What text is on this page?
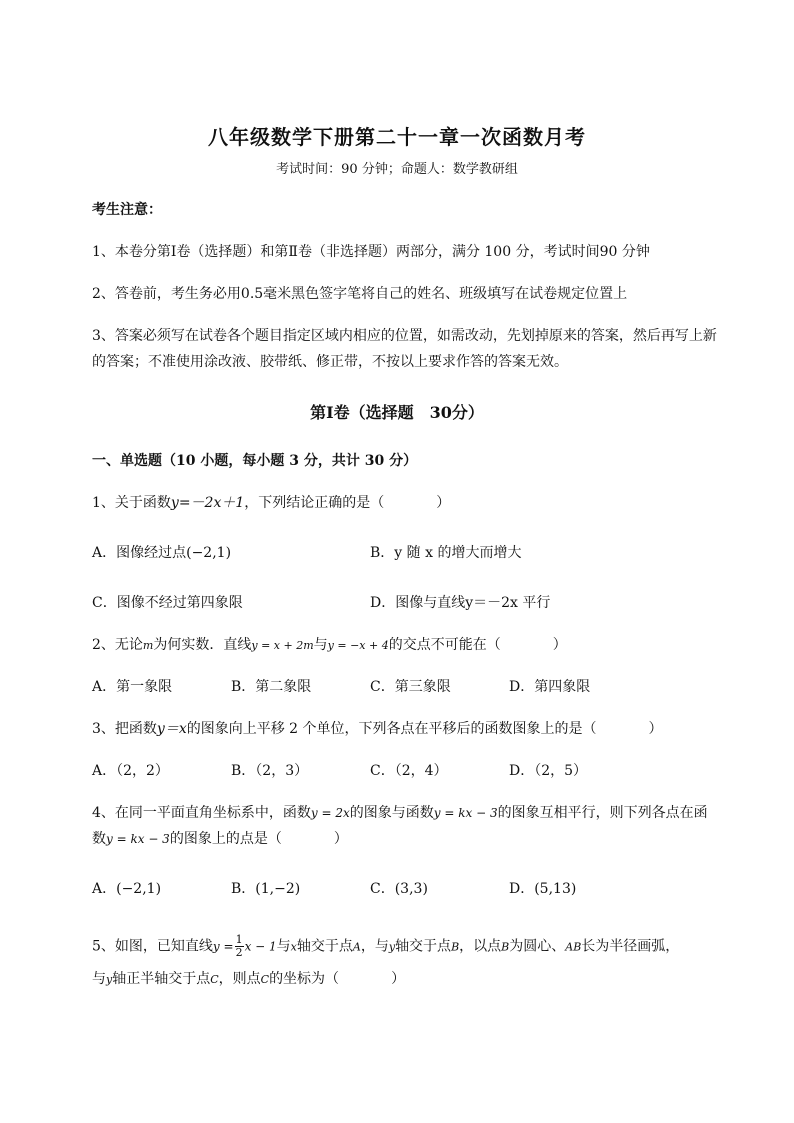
八年级数学下册第二十一章一次函数月考
考试时间：90 分钟；命题人：数学教研组
考生注意：
1、本卷分第Ⅰ卷（选择题）和第Ⅱ卷（非选择题）两部分，满分 100 分，考试时间90 分钟
2、答卷前，考生务必用0.5毫米黑色签字笔将自己的姓名、班级填写在试卷规定位置上
3、答案必须写在试卷各个题目指定区域内相应的位置，如需改动，先划掉原来的答案，然后再写上新
的答案；不准使用涂改液、胶带纸、修正带，不按以上要求作答的答案无效。
第Ⅰ卷（选择题　30分）
一、单选题（10 小题，每小题 3 分，共计 30 分）
1、关于函数y=－2x＋1，下列结论正确的是（	）
A．图像经过点(−2,1)	B．y 随 x 的增大而增大
C．图像不经过第四象限	D．图像与直线y＝－2x 平行
2、无论m为何实数．直线y = x + 2m与y = −x + 4的交点不可能在（	）
A．第一象限	B．第二象限	C．第三象限	D．第四象限
3、把函数y＝x的图象向上平移 2 个单位，下列各点在平移后的函数图象上的是（	）
A．（2，2）	B．（2，3）	C．（2，4）	D．（2，5）
4、在同一平面直角坐标系中，函数y = 2x的图象与函数y = kx − 3的图象互相平行，则下列各点在函
数y = kx − 3的图象上的点是（	）
A．(−2,1)	B．(1,−2)	C．(3,3)	D．(5,13)
5、如图，已知直线$y = \frac{1}{2}$ x − 1与x轴交于点A，与y轴交于点B，以点B为圆心、AB长为半径画弧，
与y轴正半轴交于点C，则点C的坐标为（	）
